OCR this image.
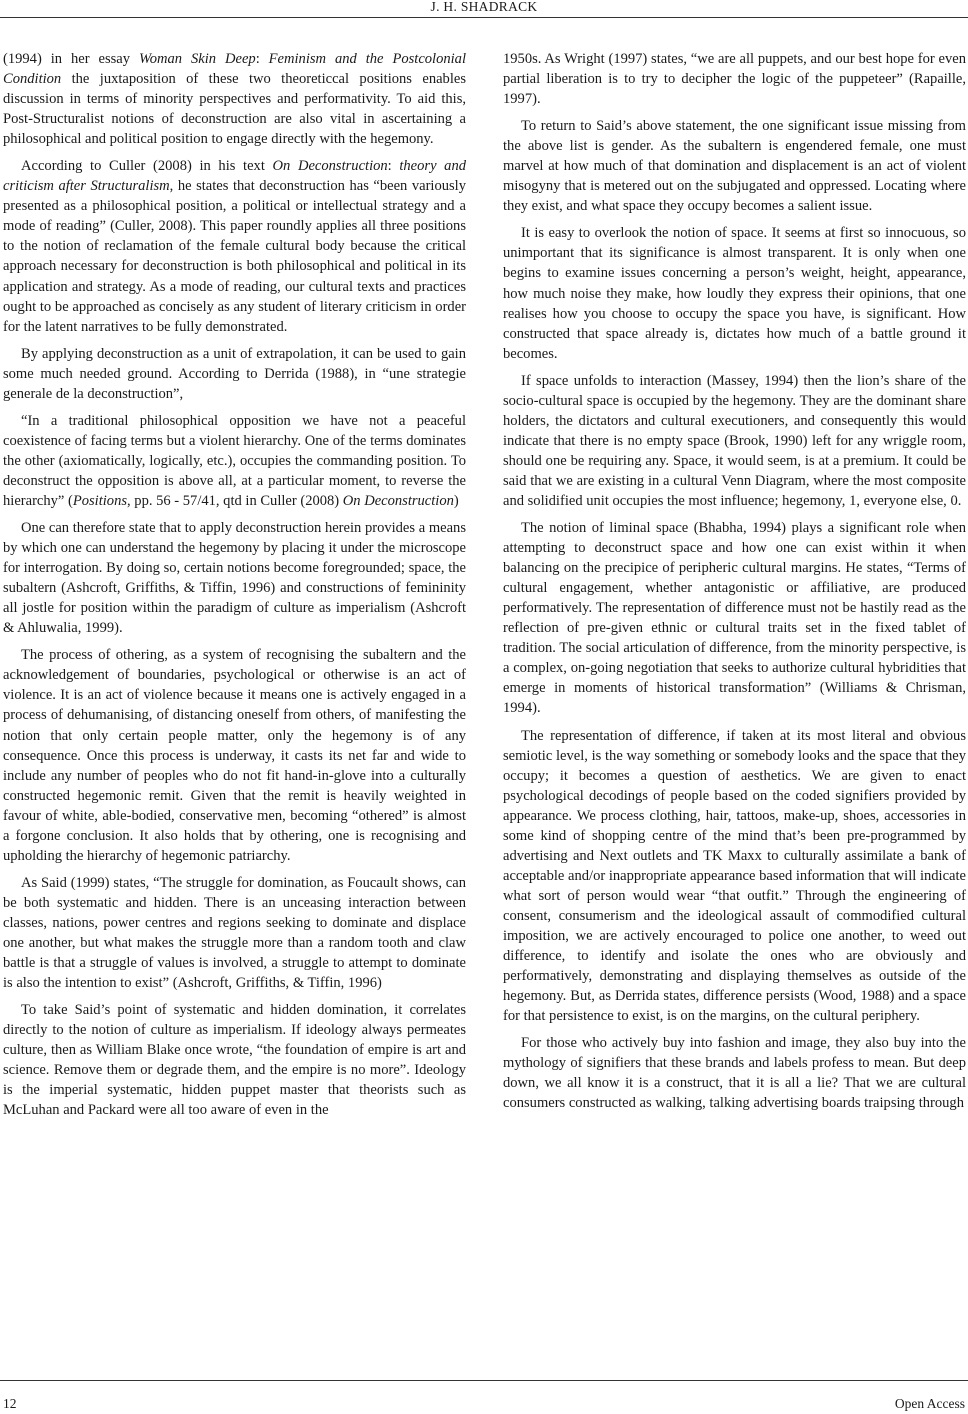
J. H. SHADRACK

(1994) in her essay Woman Skin Deep: Feminism and the Postcolonial Condition the juxtaposition of these two theoreticcal positions enables discussion in terms of minority perspectives and performativity. To aid this, Post-Structuralist notions of deconstruction are also vital in ascertaining a philosophical and political position to engage directly with the hegemony.

According to Culler (2008) in his text On Deconstruction: theory and criticism after Structuralism, he states that deconstruction has “been variously presented as a philosophical position, a political or intellectual strategy and a mode of reading” (Culler, 2008). This paper roundly applies all three positions to the notion of reclamation of the female cultural body because the critical approach necessary for deconstruction is both philosophical and political in its application and strategy. As a mode of reading, our cultural texts and practices ought to be approached as concisely as any student of literary criticism in order for the latent narratives to be fully demonstrated.

By applying deconstruction as a unit of extrapolation, it can be used to gain some much needed ground. According to Derrida (1988), in “une strategie generale de la deconstruction”,

“In a traditional philosophical opposition we have not a peaceful coexistence of facing terms but a violent hierarchy. One of the terms dominates the other (axiomatically, logically, etc.), occupies the commanding position. To deconstruct the opposition is above all, at a particular moment, to reverse the hierarchy” (Positions, pp. 56 - 57/41, qtd in Culler (2008) On Deconstruction)

One can therefore state that to apply deconstruction herein provides a means by which one can understand the hegemony by placing it under the microscope for interrogation. By doing so, certain notions become foregrounded; space, the subaltern (Ashcroft, Griffiths, & Tiffin, 1996) and constructions of femininity all jostle for position within the paradigm of culture as imperialism (Ashcroft & Ahluwalia, 1999).

The process of othering, as a system of recognising the subaltern and the acknowledgement of boundaries, psychological or otherwise is an act of violence. It is an act of violence because it means one is actively engaged in a process of dehumanising, of distancing oneself from others, of manifesting the notion that only certain people matter, only the hegemony is of any consequence. Once this process is underway, it casts its net far and wide to include any number of peoples who do not fit hand-in-glove into a culturally constructed hegemonic remit. Given that the remit is heavily weighted in favour of white, able-bodied, conservative men, becoming “othered” is almost a forgone conclusion. It also holds that by othering, one is recognising and upholding the hierarchy of hegemonic patriarchy.

As Said (1999) states, “The struggle for domination, as Foucault shows, can be both systematic and hidden. There is an unceasing interaction between classes, nations, power centres and regions seeking to dominate and displace one another, but what makes the struggle more than a random tooth and claw battle is that a struggle of values is involved, a struggle to attempt to dominate is also the intention to exist” (Ashcroft, Griffiths, & Tiffin, 1996)

To take Said’s point of systematic and hidden domination, it correlates directly to the notion of culture as imperialism. If ideology always permeates culture, then as William Blake once wrote, “the foundation of empire is art and science. Remove them or degrade them, and the empire is no more”. Ideology is the imperial systematic, hidden puppet master that theorists such as McLuhan and Packard were all too aware of even in the

1950s. As Wright (1997) states, “we are all puppets, and our best hope for even partial liberation is to try to decipher the logic of the puppeteer” (Rapaille, 1997).

To return to Said’s above statement, the one significant issue missing from the above list is gender. As the subaltern is engendered female, one must marvel at how much of that domination and displacement is an act of violent misogyny that is metered out on the subjugated and oppressed. Locating where they exist, and what space they occupy becomes a salient issue.

It is easy to overlook the notion of space. It seems at first so innocuous, so unimportant that its significance is almost transparent. It is only when one begins to examine issues concerning a person’s weight, height, appearance, how much noise they make, how loudly they express their opinions, that one realises how you choose to occupy the space you have, is significant. How constructed that space already is, dictates how much of a battle ground it becomes.

If space unfolds to interaction (Massey, 1994) then the lion’s share of the socio-cultural space is occupied by the hegemony. They are the dominant share holders, the dictators and cultural executioners, and consequently this would indicate that there is no empty space (Brook, 1990) left for any wriggle room, should one be requiring any. Space, it would seem, is at a premium. It could be said that we are existing in a cultural Venn Diagram, where the most composite and solidified unit occupies the most influence; hegemony, 1, everyone else, 0.

The notion of liminal space (Bhabha, 1994) plays a significant role when attempting to deconstruct space and how one can exist within it when balancing on the precipice of peripheric cultural margins. He states, “Terms of cultural engagement, whether antagonistic or affiliative, are produced performatively. The representation of difference must not be hastily read as the reflection of pre-given ethnic or cultural traits set in the fixed tablet of tradition. The social articulation of difference, from the minority perspective, is a complex, on-going negotiation that seeks to authorize cultural hybridities that emerge in moments of historical transformation” (Williams & Chrisman, 1994).

The representation of difference, if taken at its most literal and obvious semiotic level, is the way something or somebody looks and the space that they occupy; it becomes a question of aesthetics. We are given to enact psychological decodings of people based on the coded signifiers provided by appearance. We process clothing, hair, tattoos, make-up, shoes, accessories in some kind of shopping centre of the mind that’s been pre-programmed by advertising and Next outlets and TK Maxx to culturally assimilate a bank of acceptable and/or inappropriate appearance based information that will indicate what sort of person would wear “that outfit.” Through the engineering of consent, consumerism and the ideological assault of commodified cultural imposition, we are actively encouraged to police one another, to weed out difference, to identify and isolate the ones who are obviously and performatively, demonstrating and displaying themselves as outside of the hegemony. But, as Derrida states, difference persists (Wood, 1988) and a space for that persistence to exist, is on the margins, on the cultural periphery.

For those who actively buy into fashion and image, they also buy into the mythology of signifiers that these brands and labels profess to mean. But deep down, we all know it is a construct, that it is all a lie? That we are cultural consumers constructed as walking, talking advertising boards traipsing through

12	Open Access
